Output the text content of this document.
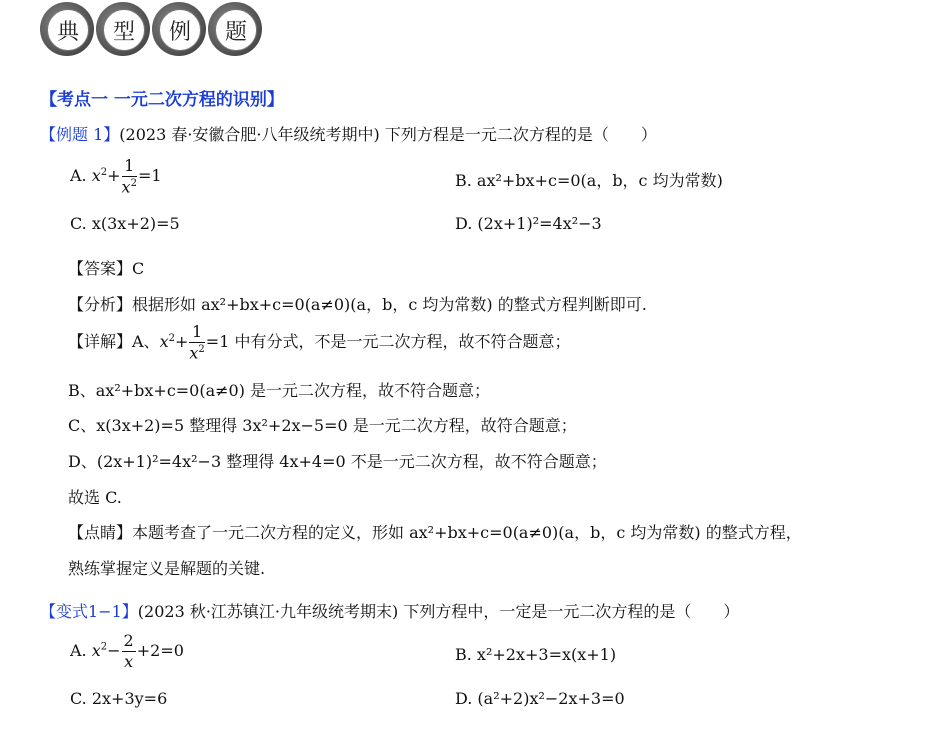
典	型	例	题
【考点一 一元二次方程的识别】
【例题 1】(2023 春·安徽合肥·八年级统考期中) 下列方程是一元二次方程的是（　　）
A. $x^2+ \frac{1}{x^2} =1$	B. ax²+bx+c=0(a，b，c 均为常数)
C. x(3x+2)=5	D. (2x+1)²=4x²−3
【答案】C
【分析】根据形如 ax²+bx+c=0(a≠0)(a，b，c 均为常数) 的整式方程判断即可.
【详解】A、$x^2+ \frac{1}{x^2} =1$ 中有分式，不是一元二次方程，故不符合题意；
B、ax²+bx+c=0(a≠0) 是一元二次方程，故不符合题意；
C、x(3x+2)=5 整理得 3x²+2x−5=0 是一元二次方程，故符合题意；
D、(2x+1)²=4x²−3 整理得 4x+4=0 不是一元二次方程，故不符合题意；
故选 C.
【点睛】本题考查了一元二次方程的定义，形如 ax²+bx+c=0(a≠0)(a，b，c 均为常数) 的整式方程，
熟练掌握定义是解题的关键.
【变式1−1】(2023 秋·江苏镇江·九年级统考期末) 下列方程中，一定是一元二次方程的是（　　）
A. $x^2- \frac{2}{x} +2=0$	B. x²+2x+3=x(x+1)
C. 2x+3y=6	D. (a²+2)x²−2x+3=0
